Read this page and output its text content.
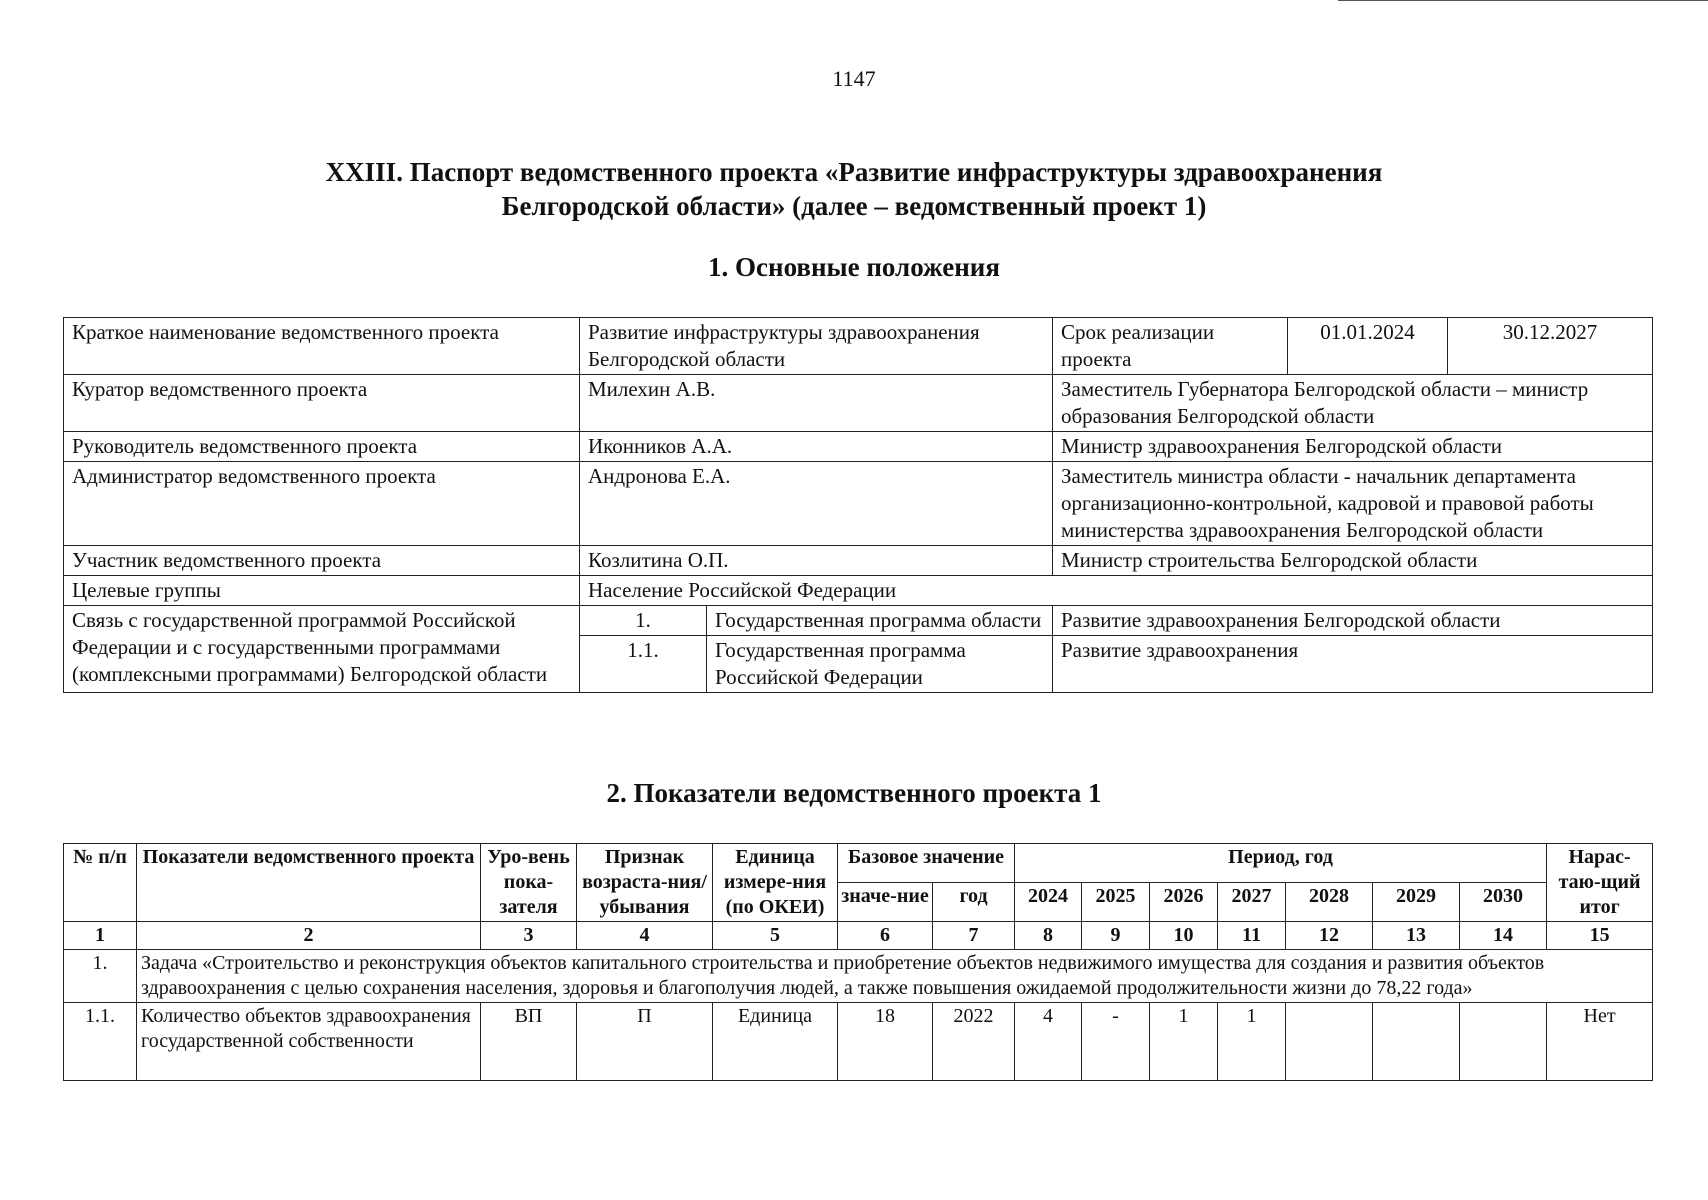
1147
XXIII. Паспорт ведомственного проекта «Развитие инфраструктуры здравоохранения
Белгородской области» (далее – ведомственный проект 1)
1. Основные положения
Краткое наименование ведомственного проекта	Развитие инфраструктуры здравоохранения Белгородской области		Срок реализации проекта	01.01.2024	30.12.2027
Куратор ведомственного проекта	Милехин А.В.		Заместитель Губернатора Белгородской области – министр образования Белгородской области		
Руководитель ведомственного проекта	Иконников А.А.		Министр здравоохранения Белгородской области		
Администратор ведомственного проекта	Андронова Е.А.		Заместитель министра области - начальник департамента организационно-контрольной, кадровой и правовой работы министерства здравоохранения Белгородской области		
Участник ведомственного проекта	Козлитина О.П.		Министр строительства Белгородской области		
Целевые группы	Население Российской Федерации				
Связь с государственной программой Российской Федерации и с государственными программами (комплексными программами) Белгородской области	1.	Государственная программа области	Развитие здравоохранения Белгородской области		
	1.1.	Государственная программа Российской Федерации	Развитие здравоохранения		
2. Показатели ведомственного проекта 1
№ п/п	Показатели ведомственного проекта	Уро-вень пока-зателя	Признак возраста-ния/ убывания	Единица измере-ния (по ОКЕИ)	Базовое значение		Период, год							Нарас-таю-щий итог
					значе-ние	год	2024	2025	2026	2027	2028	2029	2030	
1	2	3	4	5	6	7	8	9	10	11	12	13	14	15
1.	Задача «Строительство и реконструкция объектов капитального строительства и приобретение объектов недвижимого имущества для создания и развития объектов здравоохранения с целью сохранения населения, здоровья и благополучия людей, а также повышения ожидаемой продолжительности жизни до 78,22 года»													
1.1.	Количество объектов здравоохранения государственной собственности	ВП	П	Единица	18	2022	4	-	1	1				Нет
